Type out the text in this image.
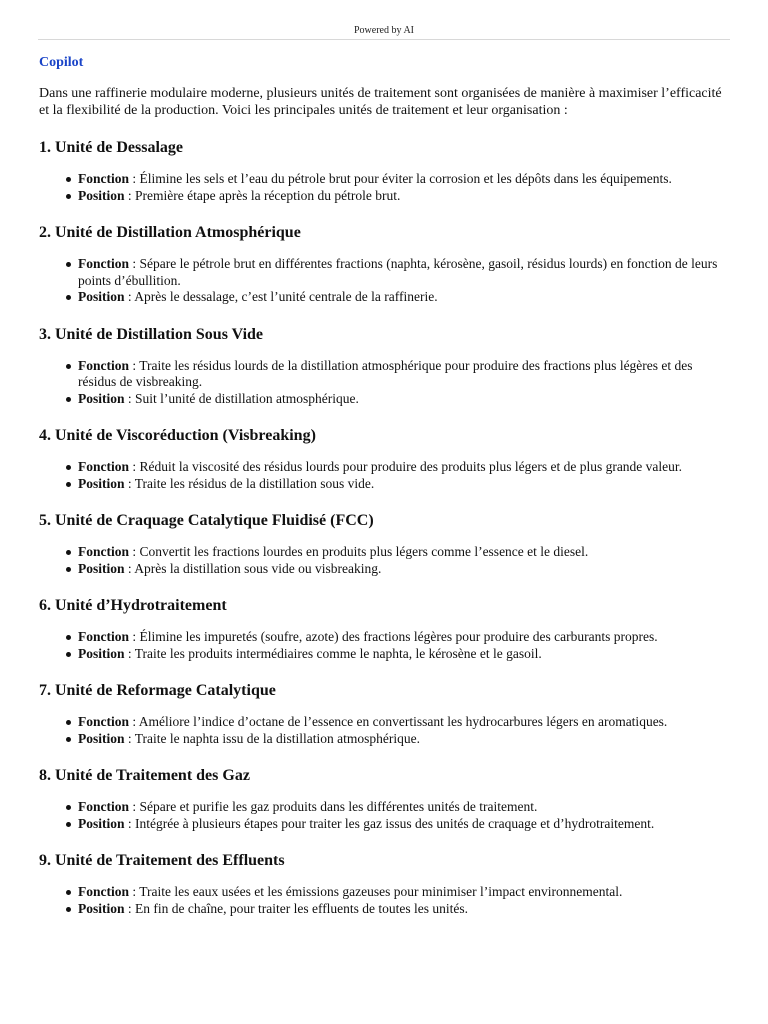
Powered by AI

Copilot

Dans une raffinerie modulaire moderne, plusieurs unités de traitement sont organisées de manière à maximiser l’efficacité et la flexibilité de la production. Voici les principales unités de traitement et leur organisation :

1. Unité de Dessalage
Fonction : Élimine les sels et l’eau du pétrole brut pour éviter la corrosion et les dépôts dans les équipements.
Position : Première étape après la réception du pétrole brut.
2. Unité de Distillation Atmosphérique
Fonction : Sépare le pétrole brut en différentes fractions (naphta, kérosène, gasoil, résidus lourds) en fonction de leurs points d’ébullition.
Position : Après le dessalage, c’est l’unité centrale de la raffinerie.
3. Unité de Distillation Sous Vide
Fonction : Traite les résidus lourds de la distillation atmosphérique pour produire des fractions plus légères et des résidus de visbreaking.
Position : Suit l’unité de distillation atmosphérique.
4. Unité de Viscoréduction (Visbreaking)
Fonction : Réduit la viscosité des résidus lourds pour produire des produits plus légers et de plus grande valeur.
Position : Traite les résidus de la distillation sous vide.
5. Unité de Craquage Catalytique Fluidisé (FCC)
Fonction : Convertit les fractions lourdes en produits plus légers comme l’essence et le diesel.
Position : Après la distillation sous vide ou visbreaking.
6. Unité d’Hydrotraitement
Fonction : Élimine les impuretés (soufre, azote) des fractions légères pour produire des carburants propres.
Position : Traite les produits intermédiaires comme le naphta, le kérosène et le gasoil.
7. Unité de Reformage Catalytique
Fonction : Améliore l’indice d’octane de l’essence en convertissant les hydrocarbures légers en aromatiques.
Position : Traite le naphta issu de la distillation atmosphérique.
8. Unité de Traitement des Gaz
Fonction : Sépare et purifie les gaz produits dans les différentes unités de traitement.
Position : Intégrée à plusieurs étapes pour traiter les gaz issus des unités de craquage et d’hydrotraitement.
9. Unité de Traitement des Effluents
Fonction : Traite les eaux usées et les émissions gazeuses pour minimiser l’impact environnemental.
Position : En fin de chaîne, pour traiter les effluents de toutes les unités.
